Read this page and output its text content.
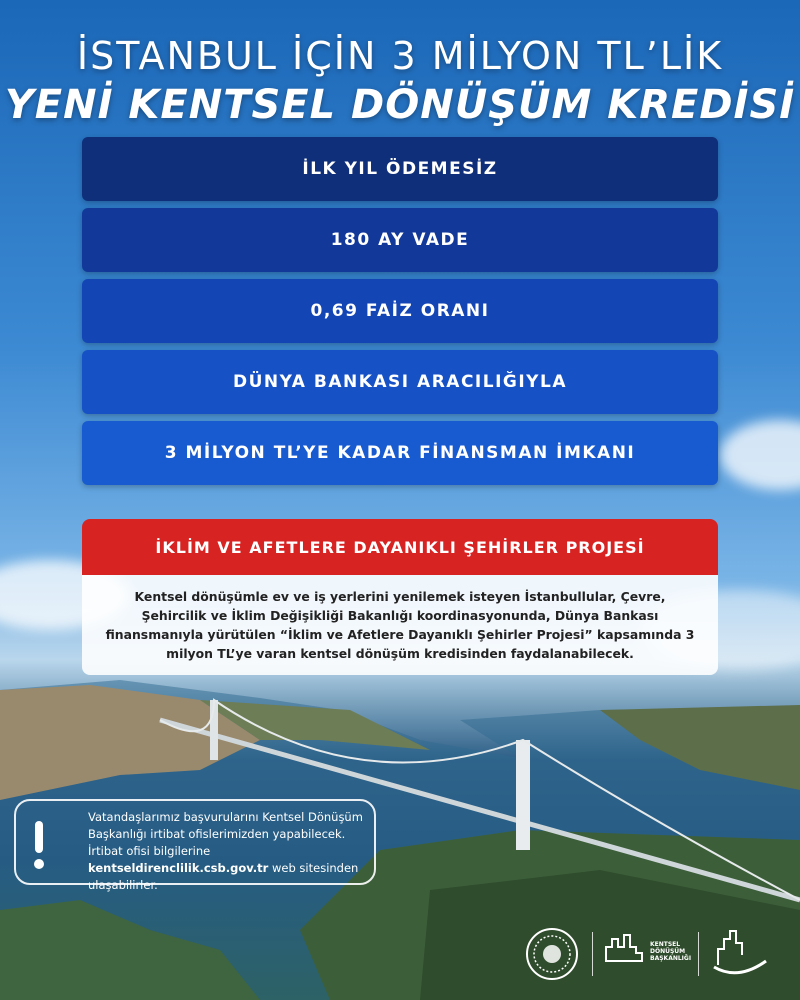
İSTANBUL İÇİN 3 MİLYON TL’LİK
YENİ KENTSEL DÖNÜŞÜM KREDİSİ
İLK YIL ÖDEMESİZ
180 AY VADE
0,69 FAİZ ORANI
DÜNYA BANKASI ARACILIĞIYLA
3 MİLYON TL’YE KADAR FİNANSMAN İMKANI
İKLİM VE AFETLERE DAYANIKLI ŞEHİRLER PROJESİ
Kentsel dönüşümle ev ve iş yerlerini yenilemek isteyen İstanbullular, Çevre, Şehircilik ve İklim Değişikliği Bakanlığı koordinasyonunda, Dünya Bankası finansmanıyla yürütülen “İklim ve Afetlere Dayanıklı Şehirler Projesi” kapsamında 3 milyon TL’ye varan kentsel dönüşüm kredisinden faydalanabilecek.
Vatandaşlarımız başvurularını Kentsel Dönüşüm Başkanlığı irtibat ofislerimizden yapabilecek. İrtibat ofisi bilgilerine kentseldirenclilik.csb.gov.tr web sitesinden ulaşabilirler.
KENTSEL DÖNÜŞÜM BAŞKANLIĞI
